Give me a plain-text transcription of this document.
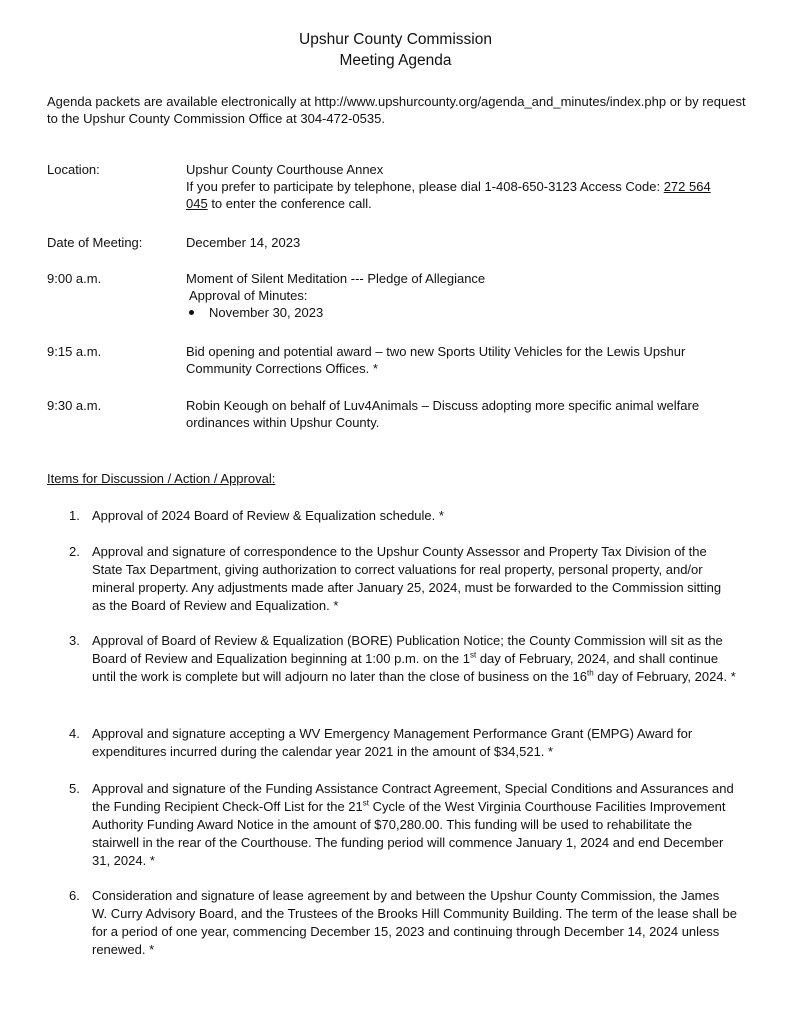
Upshur County Commission
Meeting Agenda
Agenda packets are available electronically at http://www.upshurcounty.org/agenda_and_minutes/index.php or by request to the Upshur County Commission Office at 304-472-0535.
Location:	Upshur County Courthouse Annex
If you prefer to participate by telephone, please dial 1-408-650-3123 Access Code: 272 564 045 to enter the conference call.
Date of Meeting:	December 14, 2023
9:00 a.m.	Moment of Silent Meditation --- Pledge of Allegiance
Approval of Minutes:
November 30, 2023
9:15 a.m.	Bid opening and potential award – two new Sports Utility Vehicles for the Lewis Upshur Community Corrections Offices. *
9:30 a.m.	Robin Keough on behalf of Luv4Animals – Discuss adopting more specific animal welfare ordinances within Upshur County.
Items for Discussion / Action / Approval:
1. Approval of 2024 Board of Review & Equalization schedule. *
2. Approval and signature of correspondence to the Upshur County Assessor and Property Tax Division of the State Tax Department, giving authorization to correct valuations for real property, personal property, and/or mineral property. Any adjustments made after January 25, 2024, must be forwarded to the Commission sitting as the Board of Review and Equalization. *
3. Approval of Board of Review & Equalization (BORE) Publication Notice; the County Commission will sit as the Board of Review and Equalization beginning at 1:00 p.m. on the 1st day of February, 2024, and shall continue until the work is complete but will adjourn no later than the close of business on the 16th day of February, 2024. *
4. Approval and signature accepting a WV Emergency Management Performance Grant (EMPG) Award for expenditures incurred during the calendar year 2021 in the amount of $34,521. *
5. Approval and signature of the Funding Assistance Contract Agreement, Special Conditions and Assurances and the Funding Recipient Check-Off List for the 21st Cycle of the West Virginia Courthouse Facilities Improvement Authority Funding Award Notice in the amount of $70,280.00. This funding will be used to rehabilitate the stairwell in the rear of the Courthouse. The funding period will commence January 1, 2024 and end December 31, 2024. *
6. Consideration and signature of lease agreement by and between the Upshur County Commission, the James W. Curry Advisory Board, and the Trustees of the Brooks Hill Community Building. The term of the lease shall be for a period of one year, commencing December 15, 2023 and continuing through December 14, 2024 unless renewed. *
